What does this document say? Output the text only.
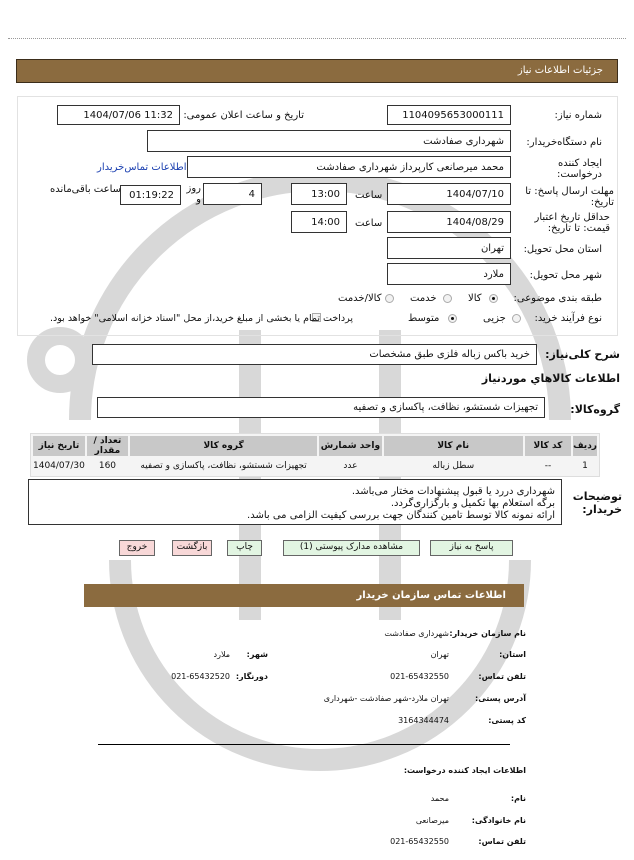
جزئيات اطلاعات نياز
شماره نیاز:
1104095653000111
تاریخ و ساعت اعلان عمومی:
1404/07/06 11:32
نام دستگاه‌خریدار:
شهرداری صفادشت
ایجاد کننده درخواست:
محمد میرصانعی کارپرداز شهرداری صفادشت
اطلاعات تماس‌خریدار
مهلت ارسال پاسخ: تا تاریخ:
1404/07/10
ساعت
13:00
4
روز و
01:19:22
ساعت باقی‌مانده
حداقل تاریخ اعتبار قیمت: تا تاریخ:
1404/08/29
ساعت
14:00
استان محل تحویل:
تهران
شهر محل تحویل:
ملارد
طبقه بندی موضوعی:
کالا
خدمت
کالا/خدمت
نوع فرآیند خرید:
جزیی
متوسط
پرداخت تمام یا بخشی از مبلغ خرید،از محل "اسناد خزانه اسلامی" خواهد بود.
شرح کلی‌نیاز:
خرید باکس زباله فلزی طبق مشخصات
اطلاعات كالاهاي موردنياز
گروه‌کالا:
تجهیزات شستشو، نظافت، پاکسازی و تصفیه
ردیف	کد کالا	نام کالا	واحد شمارش	گروه کالا	تعداد / مقدار	تاریخ نیاز
1	--	سطل زباله	عدد	تجهیزات شستشو، نظافت، پاکسازی و تصفیه	160	1404/07/30
توضیحات خریدار:
شهرداری دررد یا قبول پیشنهادات مختار می‌باشد.
برگه استعلام بها تکمیل و بارگزاری‌گردد.
ارائه نمونه کالا توسط تامین کنندگان جهت بررسی کیفیت الزامی می باشد.
پاسخ به نیاز
مشاهده مدارک پیوستی (1)
چاپ
بازگشت
خروج
اطلاعات تماس سازمان خریدار
نام سازمان خریدار:
شهرداری صفادشت
استان:
تهران
شهر:
ملارد
تلفن تماس:
021-65432550
دورنگار:
021-65432520
آدرس پستی:
تهران ملارد-شهر صفادشت -شهرداری
کد پستی:
3164344474
اطلاعات ایجاد کننده درخواست:
نام:
محمد
نام خانوادگی:
میرصانعی
تلفن تماس:
021-65432550
